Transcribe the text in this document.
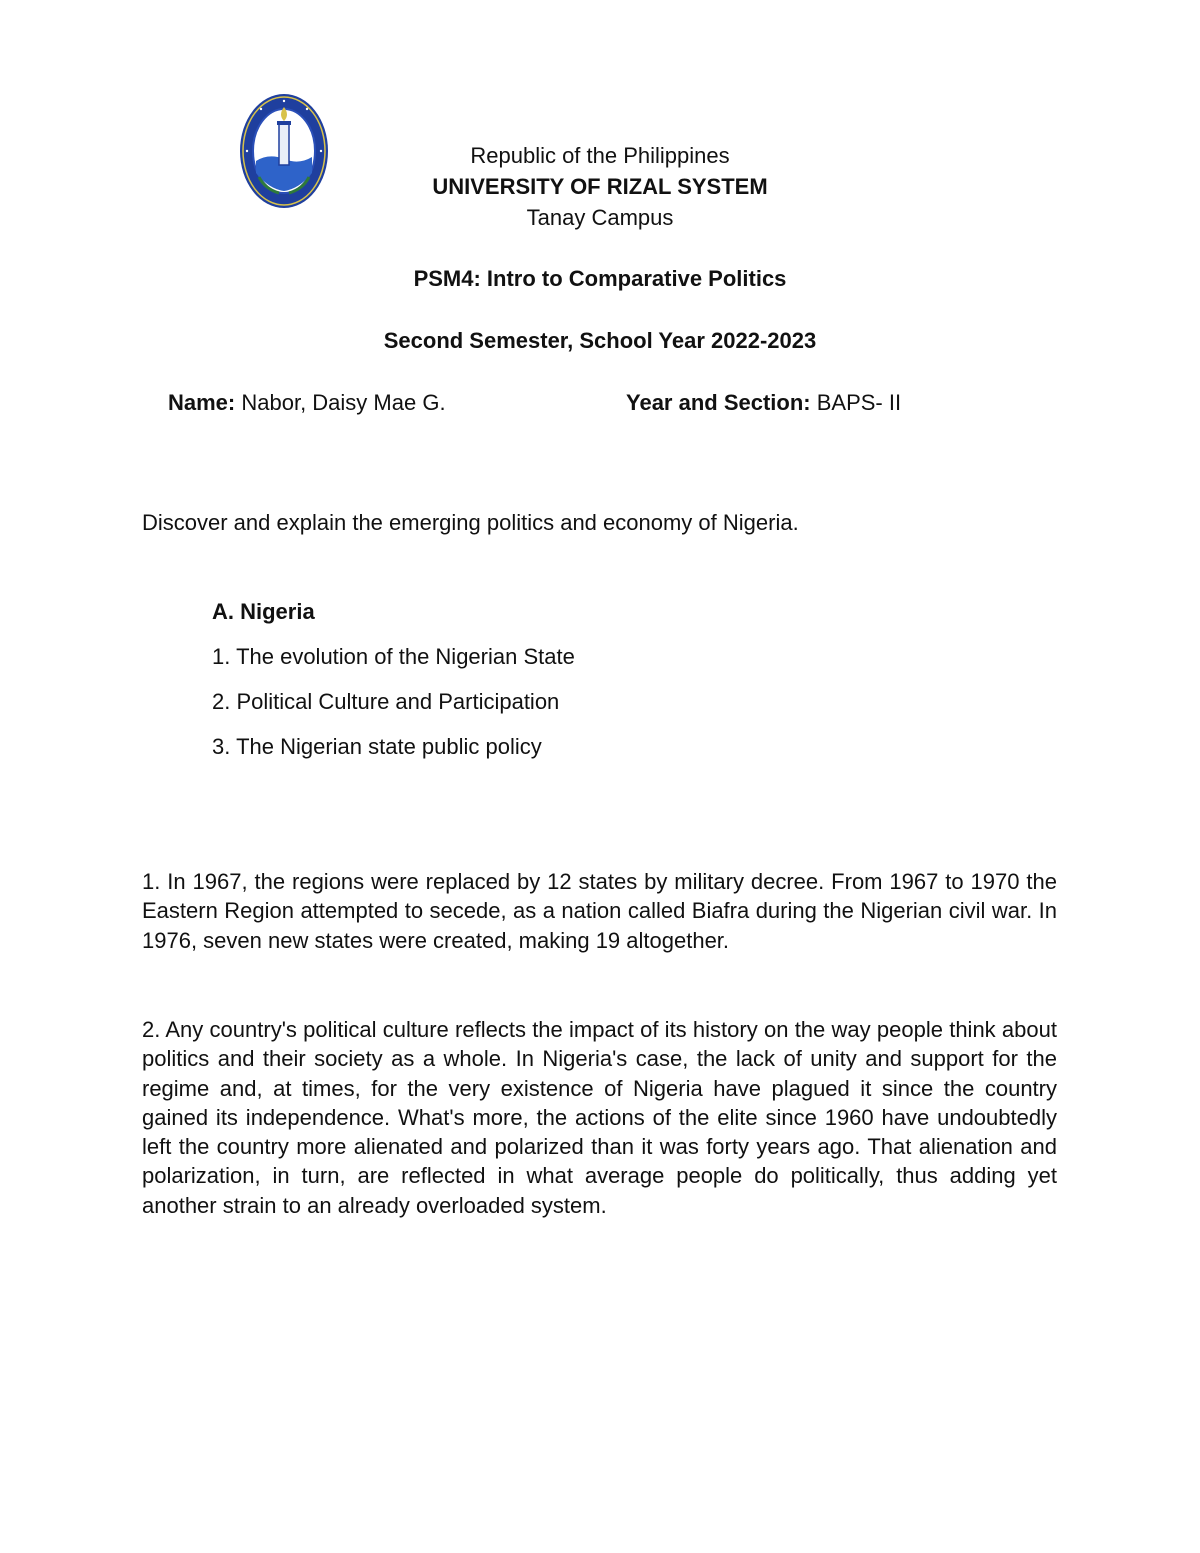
Republic of the Philippines
UNIVERSITY OF RIZAL SYSTEM
Tanay Campus
PSM4: Intro to Comparative Politics
Second Semester, School Year 2022-2023
Name: Nabor, Daisy Mae G.	Year and Section: BAPS- II
Discover and explain the emerging politics and economy of Nigeria.
A. Nigeria
1. The evolution of the Nigerian State
2. Political Culture and Participation
3. The Nigerian state public policy
1. In 1967, the regions were replaced by 12 states by military decree. From 1967 to 1970 the Eastern Region attempted to secede, as a nation called Biafra during the Nigerian civil war. In 1976, seven new states were created, making 19 altogether.
2. Any country's political culture reflects the impact of its history on the way people think about politics and their society as a whole. In Nigeria's case, the lack of unity and support for the regime and, at times, for the very existence of Nigeria have plagued it since the country gained its independence. What's more, the actions of the elite since 1960 have undoubtedly left the country more alienated and polarized than it was forty years ago. That alienation and polarization, in turn, are reflected in what average people do politically, thus adding yet another strain to an already overloaded system.
